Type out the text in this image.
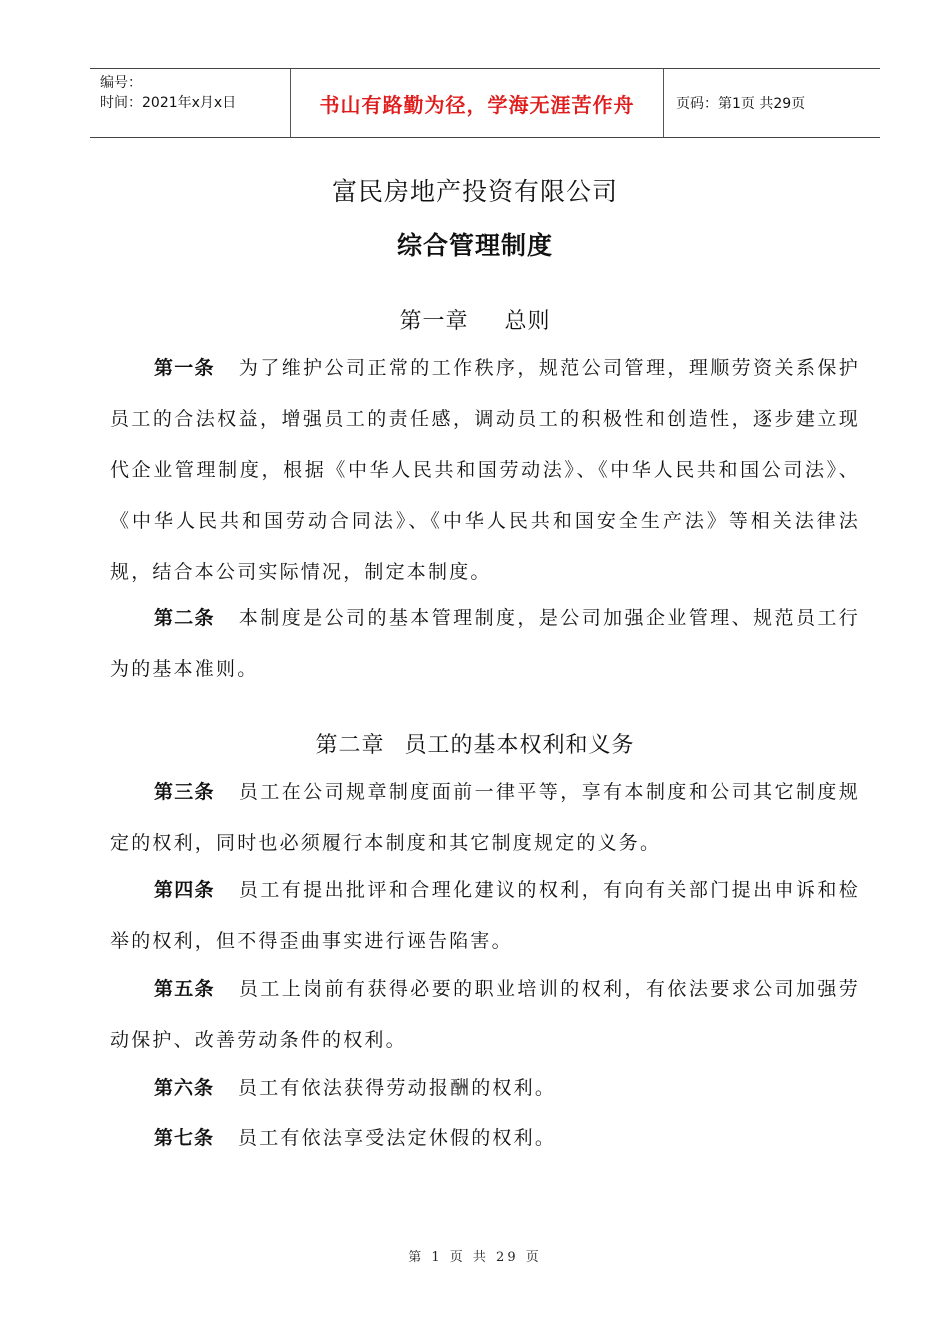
编号：
时间：2021年x月x日	书山有路勤为径，学海无涯苦作舟	页码：第1页 共29页
富民房地产投资有限公司
综合管理制度
第一章 总则

第一条 为了维护公司正常的工作秩序，规范公司管理，理顺劳资关系保护员工的合法权益，增强员工的责任感，调动员工的积极性和创造性，逐步建立现代企业管理制度，根据《中华人民共和国劳动法》、《中华人民共和国公司法》、《中华人民共和国劳动合同法》、《中华人民共和国安全生产法》等相关法律法规，结合本公司实际情况，制定本制度。

第二条 本制度是公司的基本管理制度，是公司加强企业管理、规范员工行为的基本准则。

第二章 员工的基本权利和义务

第三条 员工在公司规章制度面前一律平等，享有本制度和公司其它制度规定的权利，同时也必须履行本制度和其它制度规定的义务。

第四条 员工有提出批评和合理化建议的权利，有向有关部门提出申诉和检举的权利，但不得歪曲事实进行诬告陷害。

第五条 员工上岗前有获得必要的职业培训的权利，有依法要求公司加强劳动保护、改善劳动条件的权利。

第六条 员工有依法获得劳动报酬的权利。

第七条 员工有依法享受法定休假的权利。

第 1 页 共 29 页
